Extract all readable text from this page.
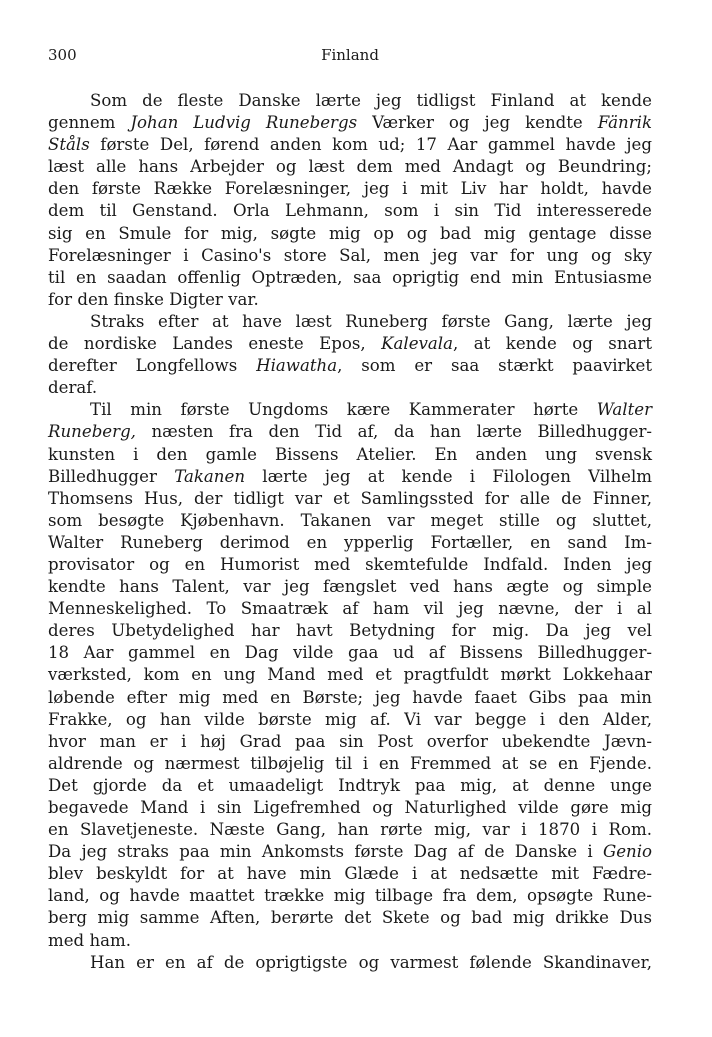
300	Finland
Som de fleste Danske lærte jeg tidligst Finland at kende
gennem Johan Ludvig Runebergs Værker og jeg kendte Fänrik
Ståls første Del, førend anden kom ud; 17 Aar gammel havde jeg
læst alle hans Arbejder og læst dem med Andagt og Beundring;
den første Række Forelæsninger, jeg i mit Liv har holdt, havde
dem til Genstand. Orla Lehmann, som i sin Tid interesserede
sig en Smule for mig, søgte mig op og bad mig gentage disse
Forelæsninger i Casino's store Sal, men jeg var for ung og sky
til en saadan offenlig Optræden, saa oprigtig end min Entusiasme
for den finske Digter var.
Straks efter at have læst Runeberg første Gang, lærte jeg
de nordiske Landes eneste Epos, Kalevala, at kende og snart
derefter Longfellows Hiawatha, som er saa stærkt paavirket
deraf.
Til min første Ungdoms kære Kammerater hørte Walter
Runeberg, næsten fra den Tid af, da han lærte Billedhugger-
kunsten i den gamle Bissens Atelier. En anden ung svensk
Billedhugger Takanen lærte jeg at kende i Filologen Vilhelm
Thomsens Hus, der tidligt var et Samlingssted for alle de Finner,
som besøgte Kjøbenhavn. Takanen var meget stille og sluttet,
Walter Runeberg derimod en ypperlig Fortæller, en sand Im-
provisator og en Humorist med skemtefulde Indfald. Inden jeg
kendte hans Talent, var jeg fængslet ved hans ægte og simple
Menneskelighed. To Smaatræk af ham vil jeg nævne, der i al
deres Ubetydelighed har havt Betydning for mig. Da jeg vel
18 Aar gammel en Dag vilde gaa ud af Bissens Billedhugger-
værksted, kom en ung Mand med et pragtfuldt mørkt Lokkehaar
løbende efter mig med en Børste; jeg havde faaet Gibs paa min
Frakke, og han vilde børste mig af. Vi var begge i den Alder,
hvor man er i høj Grad paa sin Post overfor ubekendte Jævn-
aldrende og nærmest tilbøjelig til i en Fremmed at se en Fjende.
Det gjorde da et umaadeligt Indtryk paa mig, at denne unge
begavede Mand i sin Ligefremhed og Naturlighed vilde gøre mig
en Slavetjeneste. Næste Gang, han rørte mig, var i 1870 i Rom.
Da jeg straks paa min Ankomsts første Dag af de Danske i Genio
blev beskyldt for at have min Glæde i at nedsætte mit Fædre-
land, og havde maattet trække mig tilbage fra dem, opsøgte Rune-
berg mig samme Aften, berørte det Skete og bad mig drikke Dus
med ham.
Han er en af de oprigtigste og varmest følende Skandinaver,
